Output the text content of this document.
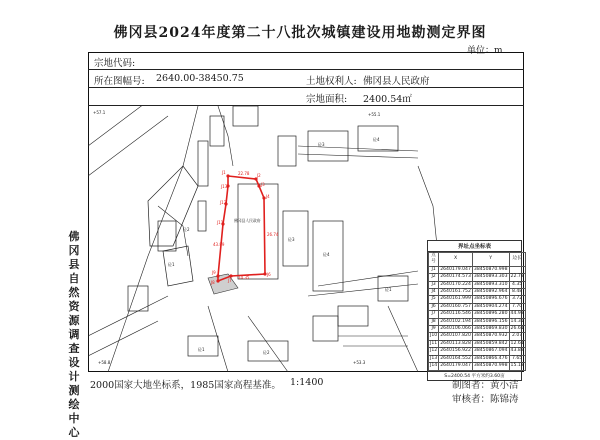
佛冈县2024年度第二十八批次城镇建设用地勘测定界图
单位：m
宗地代码:
所在图幅号: 2640.00-38450.75	土地权利人: 佛冈县人民政府
宗地面积: 2400.54㎡
佛
冈
县
自
然
资
源
调
查
设
计
测
绘
中
心
J1
J2
J3
J4
J6
J7
J8
J9
J11
J12
J13
22.78
26.74
14.35
43.89
佛冈县人民政府
砼3
砼4
砼2
砼1
砼3
砼4
砼1
砼2
砼1
+57.1	+55.1
+58.8	+53.3
界址点坐标表
点号	X	Y	边长
J1	2640179.047	38450870.998	
J2	2640174.573	38450893.303	22.78
J3	2640170.224	38450893.310	4.35
J4	2640161.752	38450892.964	8.48
J5	2640161.999	38450896.676	3.72
J6	2640160.757	38450904.274	7.70
J7	2640116.546	38450896.280	44.93
J8	2640102.194	38450896.156	14.35
J9	2640106.066	38450869.830	26.61
J10	2640107.820	38450870.932	2.07
J11	2640113.828	38450859.842	12.61
J12	2640156.922	38450867.094	43.89
J13	2640164.552	38450866.476	7.65
J14	2640179.047	38450870.998	15.18
S=2400.54 平方米约3.60亩
2000国家大地坐标系，1985国家高程基准。 1:1400	制图者： 黄小洁
审核者： 陈锦涛
